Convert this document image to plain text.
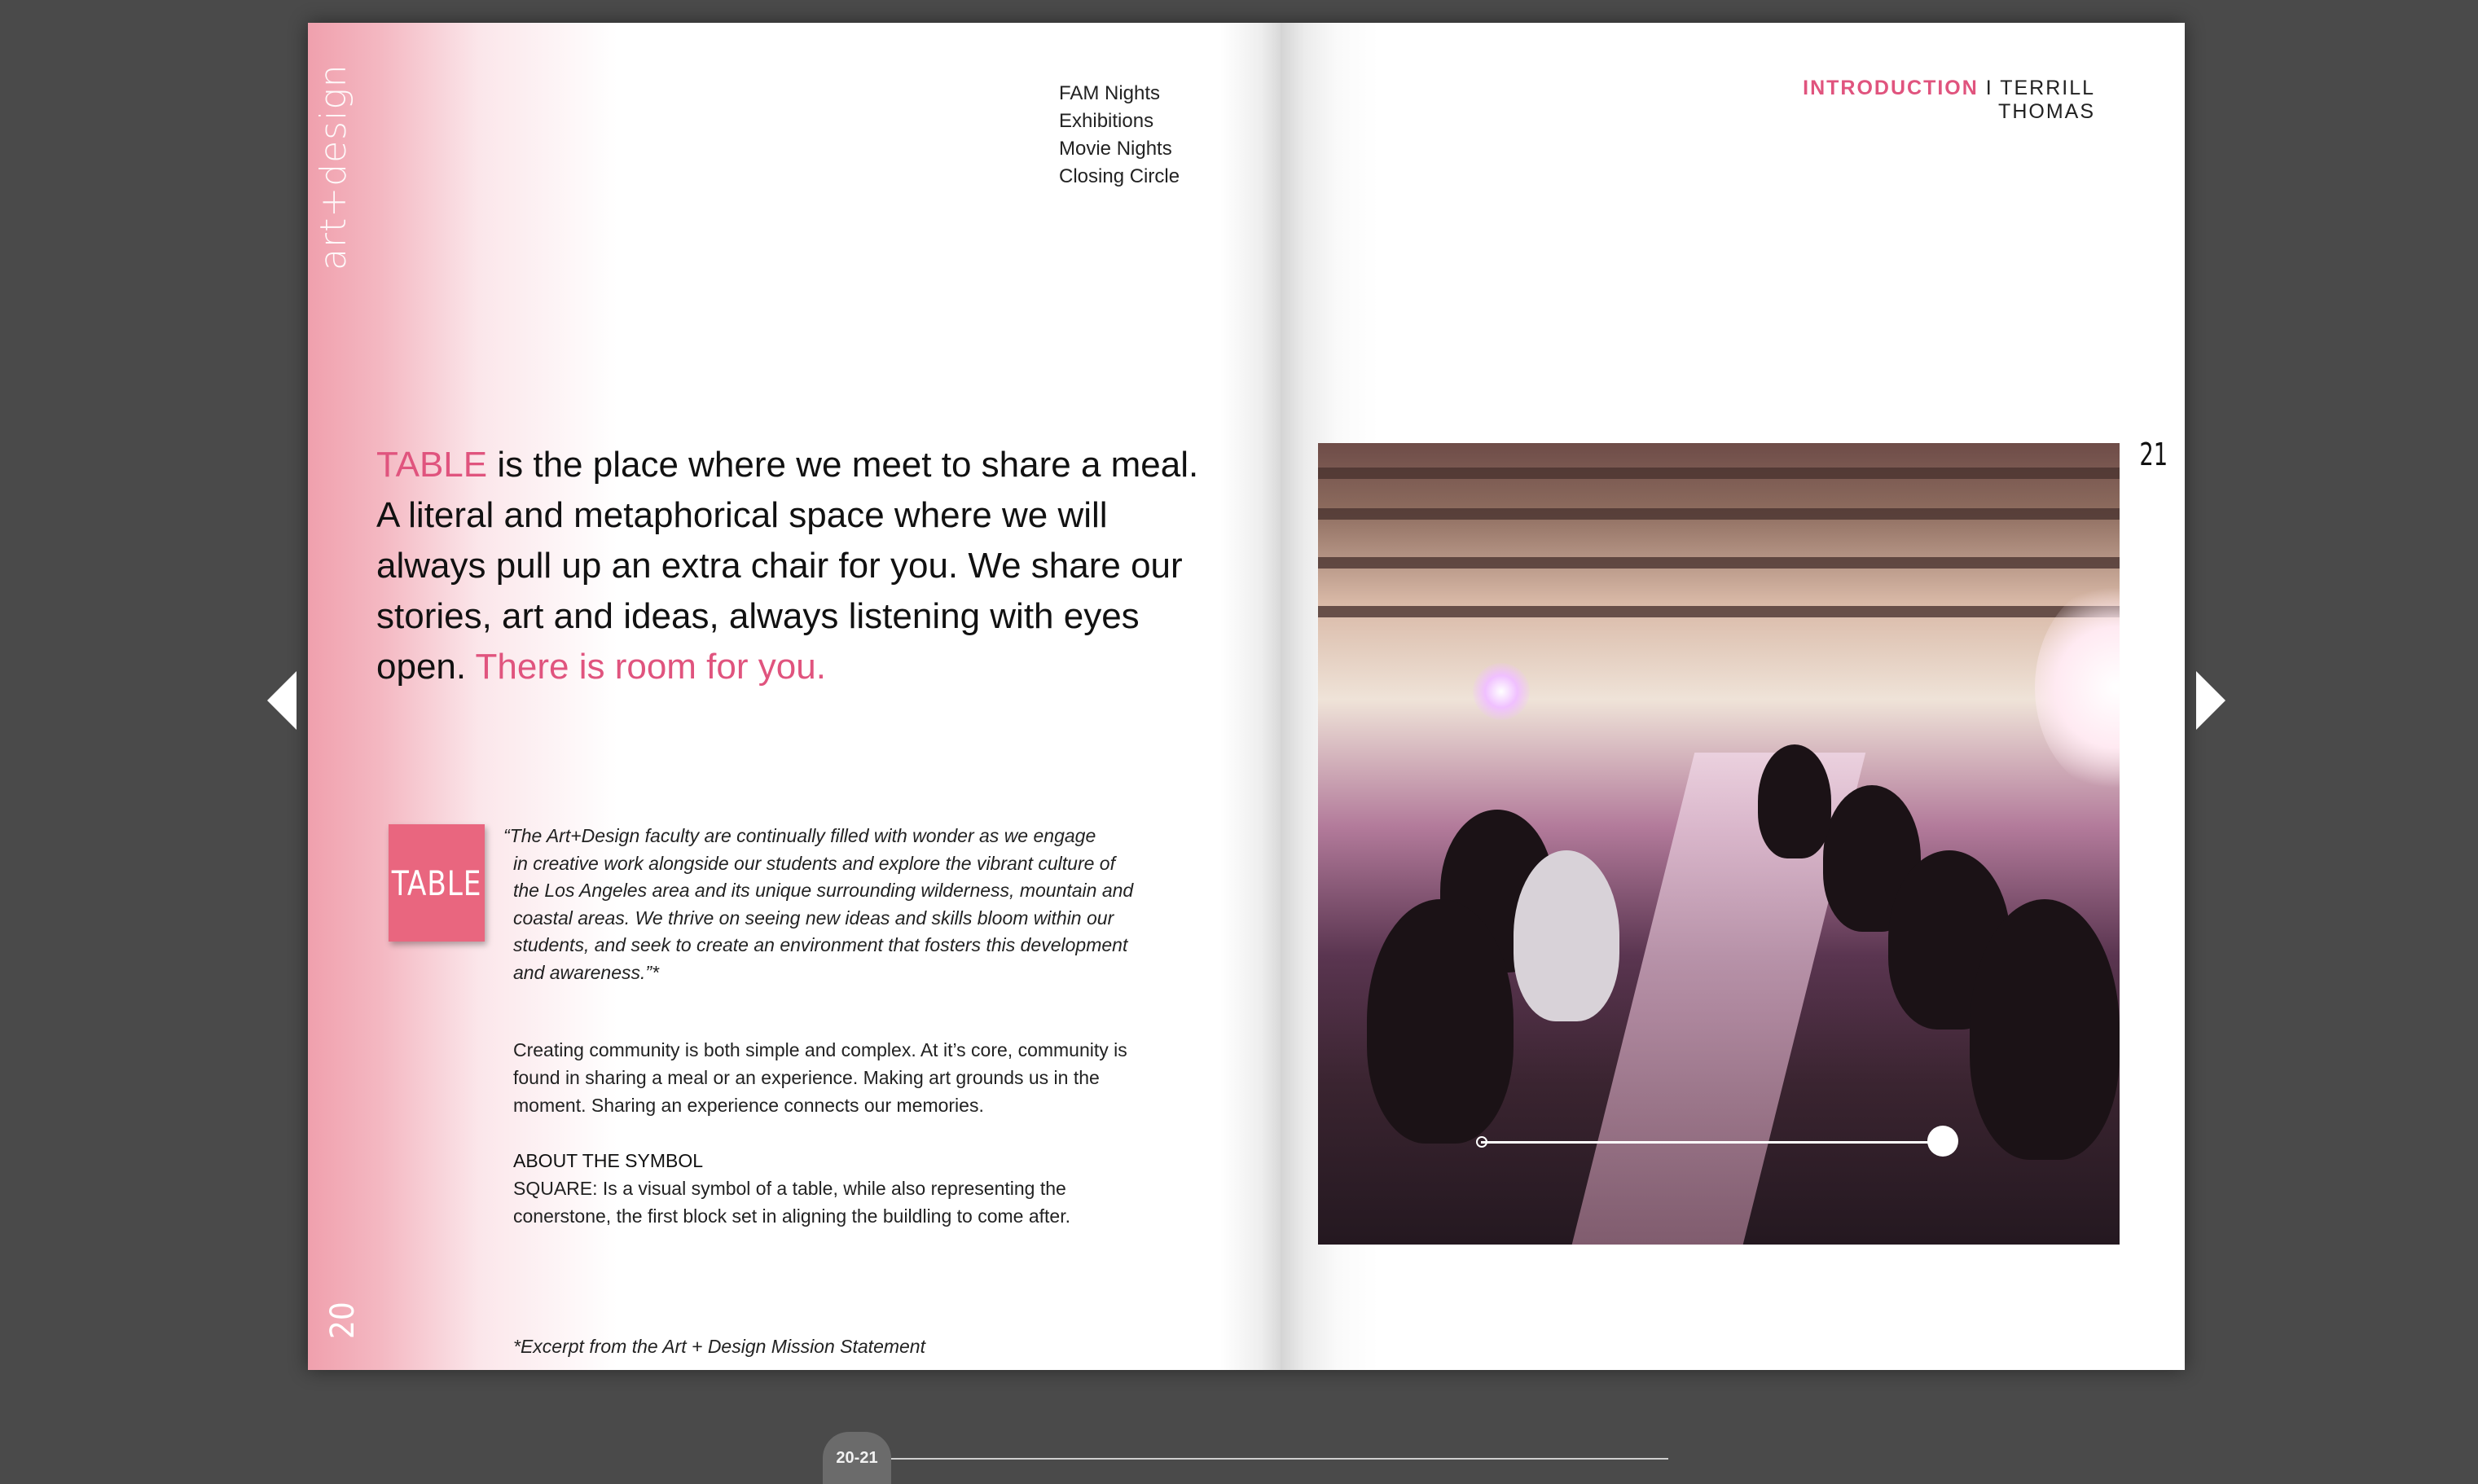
art+design
20
FAM Nights
Exhibitions
Movie Nights
Closing Circle
TABLE is the place where we meet to share a meal. A literal and metaphorical space where we will always pull up an extra chair for you. We share our stories, art and ideas, always listening with eyes open. There is room for you.
TABLE
“The Art+Design faculty are continually filled with wonder as we engage
in creative work alongside our students and explore the vibrant culture of
the Los Angeles area and its unique surrounding wilderness, mountain and
coastal areas. We thrive on seeing new ideas and skills bloom within our
students, and seek to create an environment that fosters this development
and awareness.”*
Creating community is both simple and complex. At it’s core, community is
found in sharing a meal or an experience. Making art grounds us in the
moment. Sharing an experience connects our memories.
ABOUT THE SYMBOL
SQUARE: Is a visual symbol of a table, while also representing the
conerstone, the first block set in aligning the buildling to come after.
*Excerpt from the Art + Design Mission Statement
INTRODUCTION I TERRILL THOMAS
21
20-21
